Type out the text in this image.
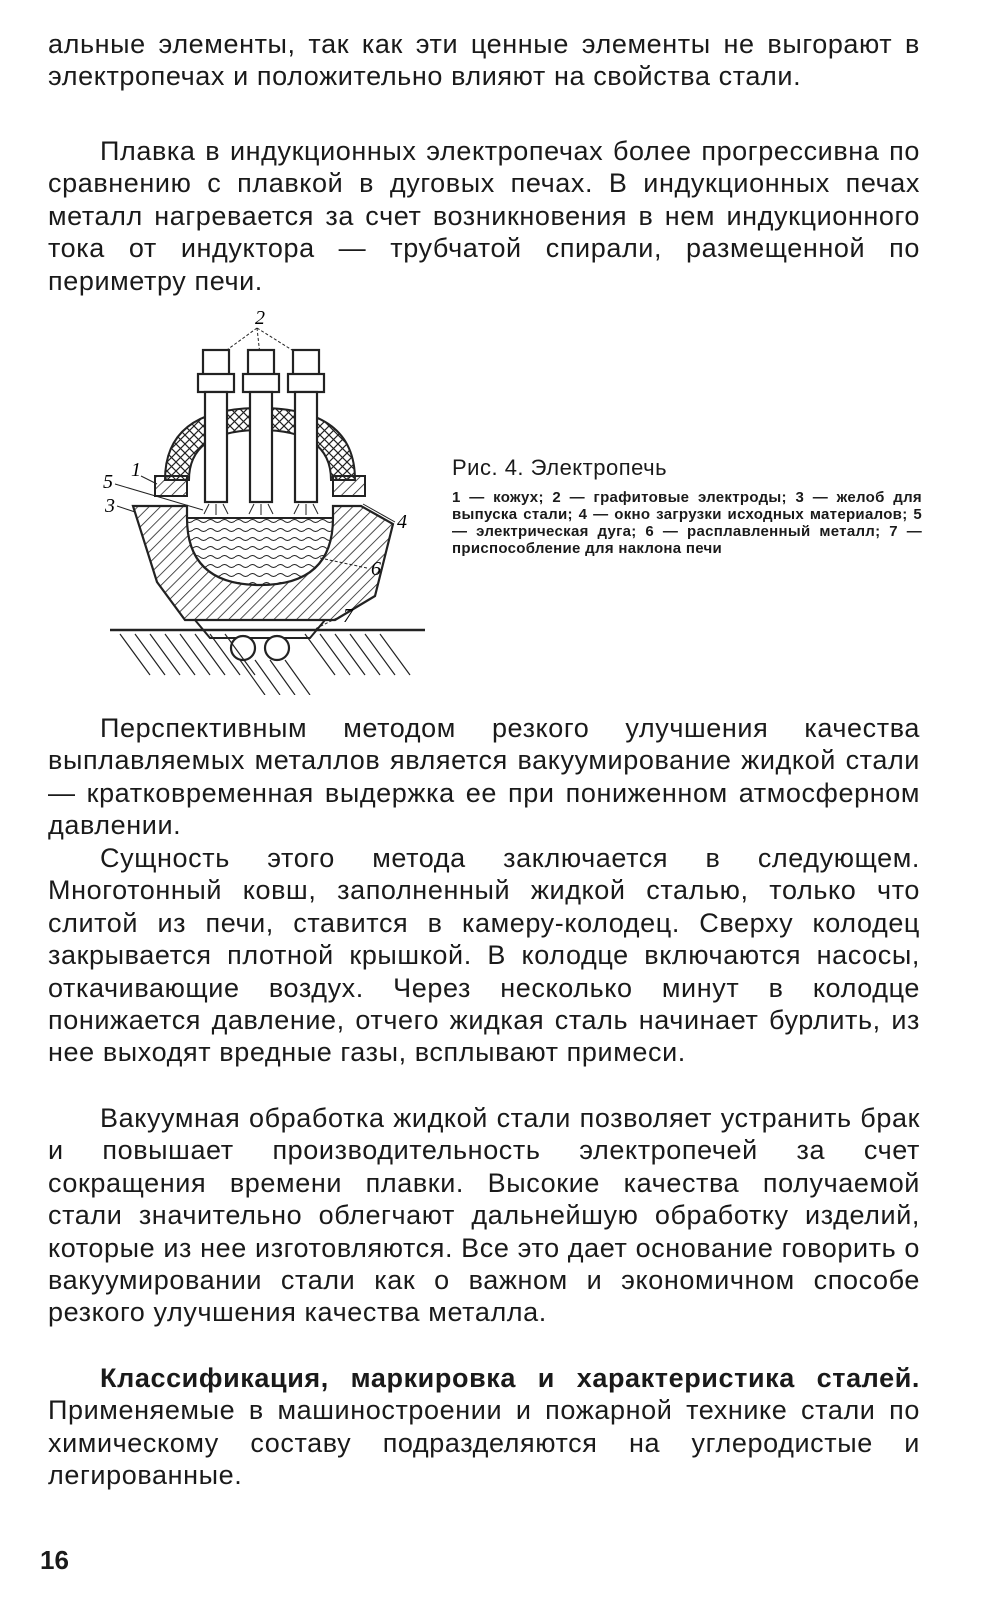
альные элементы, так как эти ценные элементы не выгорают в электропечах и положительно влияют на свойства стали.

Плавка в индукционных электропечах более прогрессивна по сравнению с плавкой в дуговых печах. В индукционных печах металл нагревается за счет возникновения в нем индукционного тока от индуктора — трубчатой спирали, размещенной по периметру печи.

2
1
5
3
4
6
7

Рис. 4. Электропечь

1 — кожух; 2 — графитовые электроды; 3 — желоб для выпуска стали; 4 — окно загрузки исходных материалов; 5 — электрическая дуга; 6 — расплавленный металл; 7 — приспособление для наклона печи

Перспективным методом резкого улучшения качества выплавляемых металлов является вакуумирование жидкой стали — кратковременная выдержка ее при пониженном атмосферном давлении.

Сущность этого метода заключается в следующем. Многотонный ковш, заполненный жидкой сталью, только что слитой из печи, ставится в камеру-колодец. Сверху колодец закрывается плотной крышкой. В колодце включаются насосы, откачивающие воздух. Через несколько минут в колодце понижается давление, отчего жидкая сталь начинает бурлить, из нее выходят вредные газы, всплывают примеси.

Вакуумная обработка жидкой стали позволяет устранить брак и повышает производительность электропечей за счет сокращения времени плавки. Высокие качества получаемой стали значительно облегчают дальнейшую обработку изделий, которые из нее изготовляются. Все это дает основание говорить о вакуумировании стали как о важном и экономичном способе резкого улучшения качества металла.

Классификация, маркировка и характеристика сталей. Применяемые в машиностроении и пожарной технике стали по химическому составу подразделяются на углеродистые и легированные.

16
